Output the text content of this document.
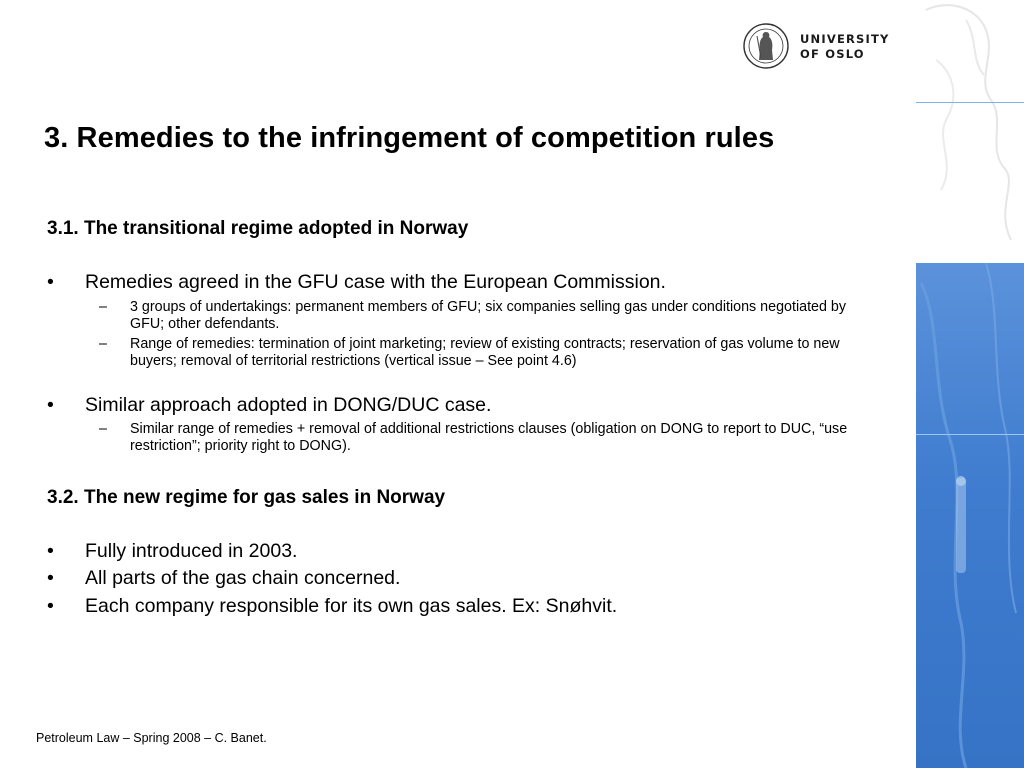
UNIVERSITY
OF OSLO
3. Remedies to the infringement of competition rules
3.1. The transitional regime adopted in Norway
• Remedies agreed in the GFU case with the European Commission.
– 3 groups of undertakings: permanent members of GFU; six companies selling gas under conditions negotiated by GFU; other defendants.
– Range of remedies: termination of joint marketing; review of existing contracts; reservation of gas volume to new buyers; removal of territorial restrictions (vertical issue – See point 4.6)
• Similar approach adopted in DONG/DUC case.
– Similar range of remedies + removal of additional restrictions clauses (obligation on DONG to report to DUC, “use restriction”; priority right to DONG).
3.2. The new regime for gas sales in Norway
• Fully introduced in 2003.
• All parts of the gas chain concerned.
• Each company responsible for its own gas sales. Ex: Snøhvit.
Petroleum Law – Spring 2008 – C. Banet.
